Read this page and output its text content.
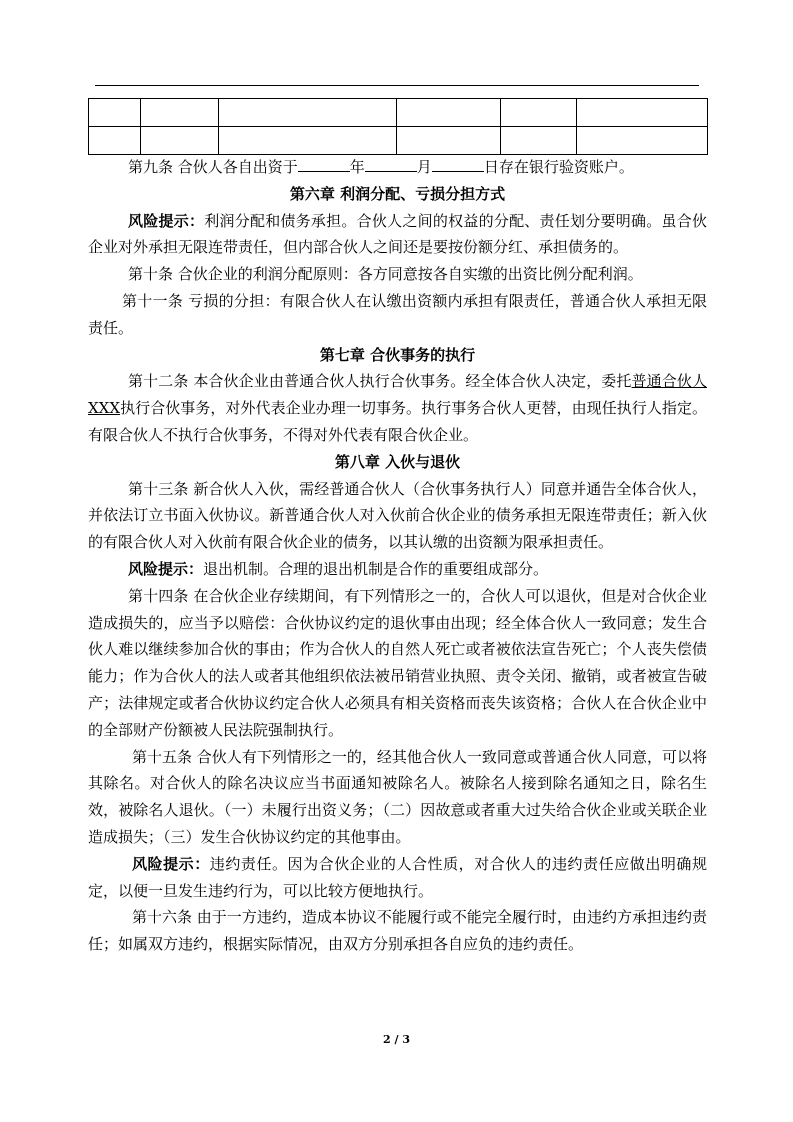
第九条 合伙人各自出资于	年	月	日存在银行验资账户。

第六章 利润分配、亏损分担方式

风险提示：利润分配和债务承担。合伙人之间的权益的分配、责任划分要明确。虽合伙企业对外承担无限连带责任，但内部合伙人之间还是要按份额分红、承担债务的。

第十条 合伙企业的利润分配原则：各方同意按各自实缴的出资比例分配利润。

第十一条 亏损的分担：有限合伙人在认缴出资额内承担有限责任，普通合伙人承担无限责任。

第七章 合伙事务的执行

第十二条 本合伙企业由普通合伙人执行合伙事务。经全体合伙人决定，委托普通合伙人 XXX执行合伙事务，对外代表企业办理一切事务。执行事务合伙人更替，由现任执行人指定。有限合伙人不执行合伙事务，不得对外代表有限合伙企业。

第八章 入伙与退伙

第十三条 新合伙人入伙，需经普通合伙人（合伙事务执行人）同意并通告全体合伙人，并依法订立书面入伙协议。新普通合伙人对入伙前合伙企业的债务承担无限连带责任；新入伙的有限合伙人对入伙前有限合伙企业的债务，以其认缴的出资额为限承担责任。

风险提示：退出机制。合理的退出机制是合作的重要组成部分。

第十四条 在合伙企业存续期间，有下列情形之一的，合伙人可以退伙，但是对合伙企业造成损失的，应当予以赔偿：合伙协议约定的退伙事由出现；经全体合伙人一致同意；发生合伙人难以继续参加合伙的事由；作为合伙人的自然人死亡或者被依法宣告死亡；个人丧失偿债能力；作为合伙人的法人或者其他组织依法被吊销营业执照、责令关闭、撤销，或者被宣告破产；法律规定或者合伙协议约定合伙人必须具有相关资格而丧失该资格；合伙人在合伙企业中的全部财产份额被人民法院强制执行。

第十五条 合伙人有下列情形之一的，经其他合伙人一致同意或普通合伙人同意，可以将其除名。对合伙人的除名决议应当书面通知被除名人。被除名人接到除名通知之日，除名生效，被除名人退伙。（一）未履行出资义务；（二）因故意或者重大过失给合伙企业或关联企业造成损失；（三）发生合伙协议约定的其他事由。

风险提示：违约责任。因为合伙企业的人合性质，对合伙人的违约责任应做出明确规定，以便一旦发生违约行为，可以比较方便地执行。

第十六条 由于一方违约，造成本协议不能履行或不能完全履行时，由违约方承担违约责任；如属双方违约，根据实际情况，由双方分别承担各自应负的违约责任。

2 / 3
